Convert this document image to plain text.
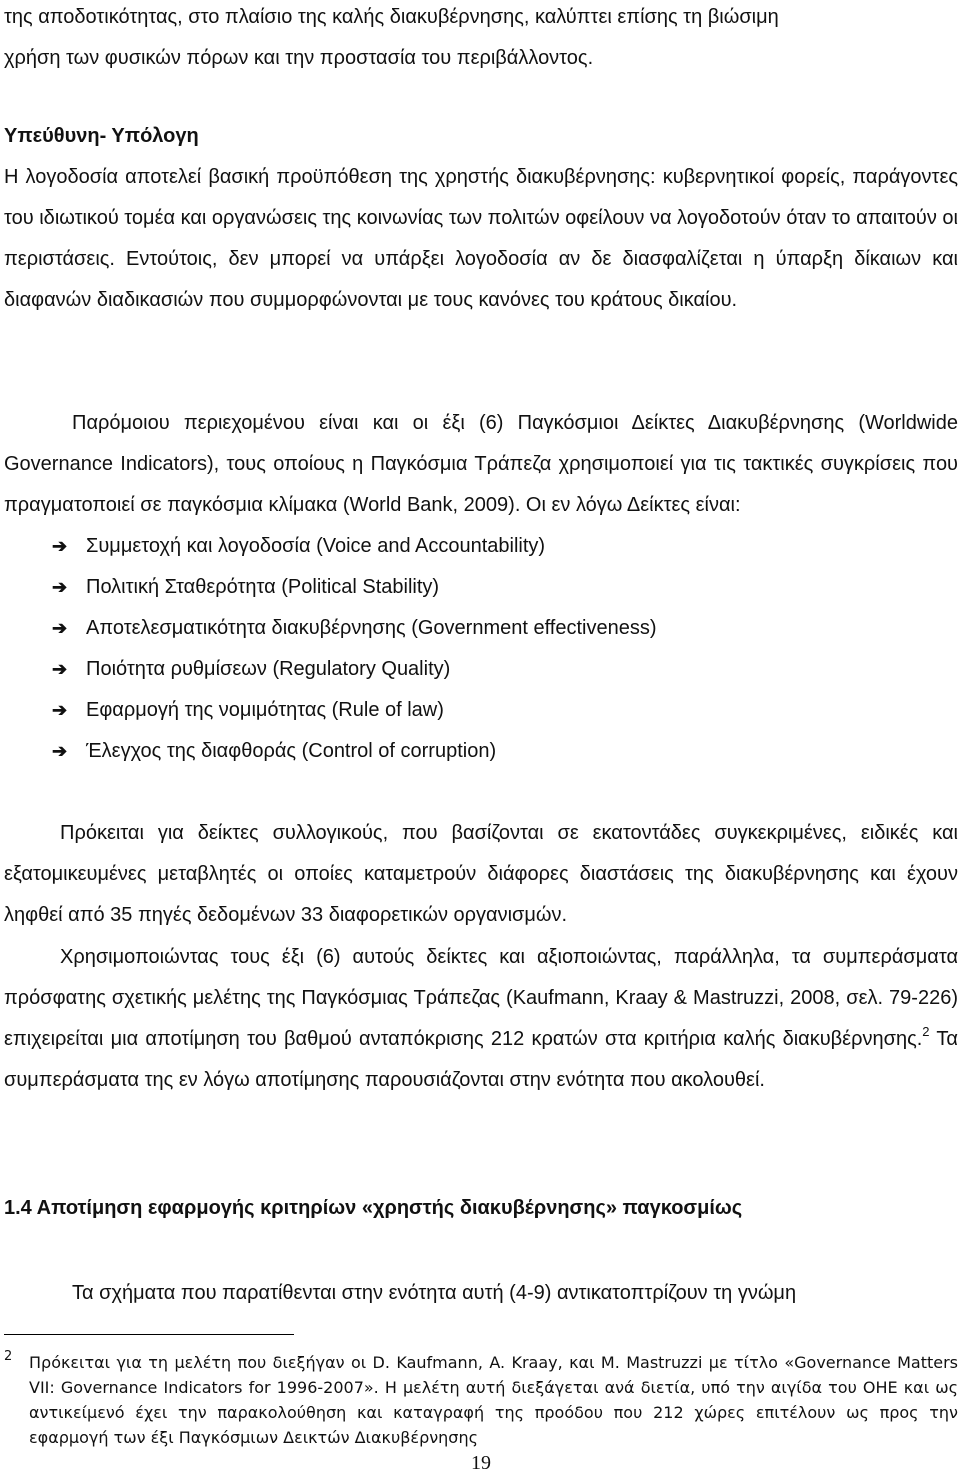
της αποδοτικότητας, στο πλαίσιο της καλής διακυβέρνησης, καλύπτει επίσης τη βιώσιμη

χρήση των φυσικών πόρων και την προστασία του περιβάλλοντος.

Υπεύθυνη- Υπόλογη

Η λογοδοσία αποτελεί βασική προϋπόθεση της χρηστής διακυβέρνησης: κυβερνητικοί φορείς, παράγοντες του ιδιωτικού τομέα και οργανώσεις της κοινωνίας των πολιτών οφείλουν να λογοδοτούν όταν το απαιτούν οι περιστάσεις. Εντούτοις, δεν μπορεί να υπάρξει λογοδοσία αν δε διασφαλίζεται η ύπαρξη δίκαιων και διαφανών διαδικασιών που συμμορφώνονται με τους κανόνες του κράτους δικαίου.

Παρόμοιου περιεχομένου είναι και οι έξι (6) Παγκόσμιοι Δείκτες Διακυβέρνησης (Worldwide Governance Indicators), τους οποίους η Παγκόσμια Τράπεζα χρησιμοποιεί για τις τακτικές συγκρίσεις που πραγματοποιεί σε παγκόσμια κλίμακα (World Bank, 2009). Οι εν λόγω Δείκτες είναι:

➔ Συμμετοχή και λογοδοσία (Voice and Accountability)
➔ Πολιτική Σταθερότητα (Political Stability)
➔ Αποτελεσματικότητα διακυβέρνησης (Government effectiveness)
➔ Ποιότητα ρυθμίσεων (Regulatory Quality)
➔ Εφαρμογή της νομιμότητας (Rule of law)
➔ Έλεγχος της διαφθοράς (Control of corruption)

Πρόκειται για δείκτες συλλογικούς, που βασίζονται σε εκατοντάδες συγκεκριμένες, ειδικές και εξατομικευμένες μεταβλητές οι οποίες καταμετρούν διάφορες διαστάσεις της διακυβέρνησης και έχουν ληφθεί από 35 πηγές δεδομένων 33 διαφορετικών οργανισμών.

Χρησιμοποιώντας τους έξι (6) αυτούς δείκτες και αξιοποιώντας, παράλληλα, τα συμπεράσματα πρόσφατης σχετικής μελέτης της Παγκόσμιας Τράπεζας (Kaufmann, Kraay & Mastruzzi, 2008, σελ. 79-226) επιχειρείται μια αποτίμηση του βαθμού ανταπόκρισης 212 κρατών στα κριτήρια καλής διακυβέρνησης.$^2$ Τα συμπεράσματα της εν λόγω αποτίμησης παρουσιάζονται στην ενότητα που ακολουθεί.

1.4 Αποτίμηση εφαρμογής κριτηρίων «χρηστής διακυβέρνησης» παγκοσμίως

Τα σχήματα που παρατίθενται στην ενότητα αυτή (4-9) αντικατοπτρίζουν τη γνώμη

2 Πρόκειται για τη μελέτη που διεξήγαν οι D. Kaufmann, A. Kraay, και M. Mastruzzi με τίτλο «Governance Matters VII: Governance Indicators for 1996-2007». Η μελέτη αυτή διεξάγεται ανά διετία, υπό την αιγίδα του ΟΗΕ και ως αντικείμενό έχει την παρακολούθηση και καταγραφή της προόδου που 212 χώρες επιτέλουν ως προς την εφαρμογή των έξι Παγκόσμιων Δεικτών Διακυβέρνησης
19
